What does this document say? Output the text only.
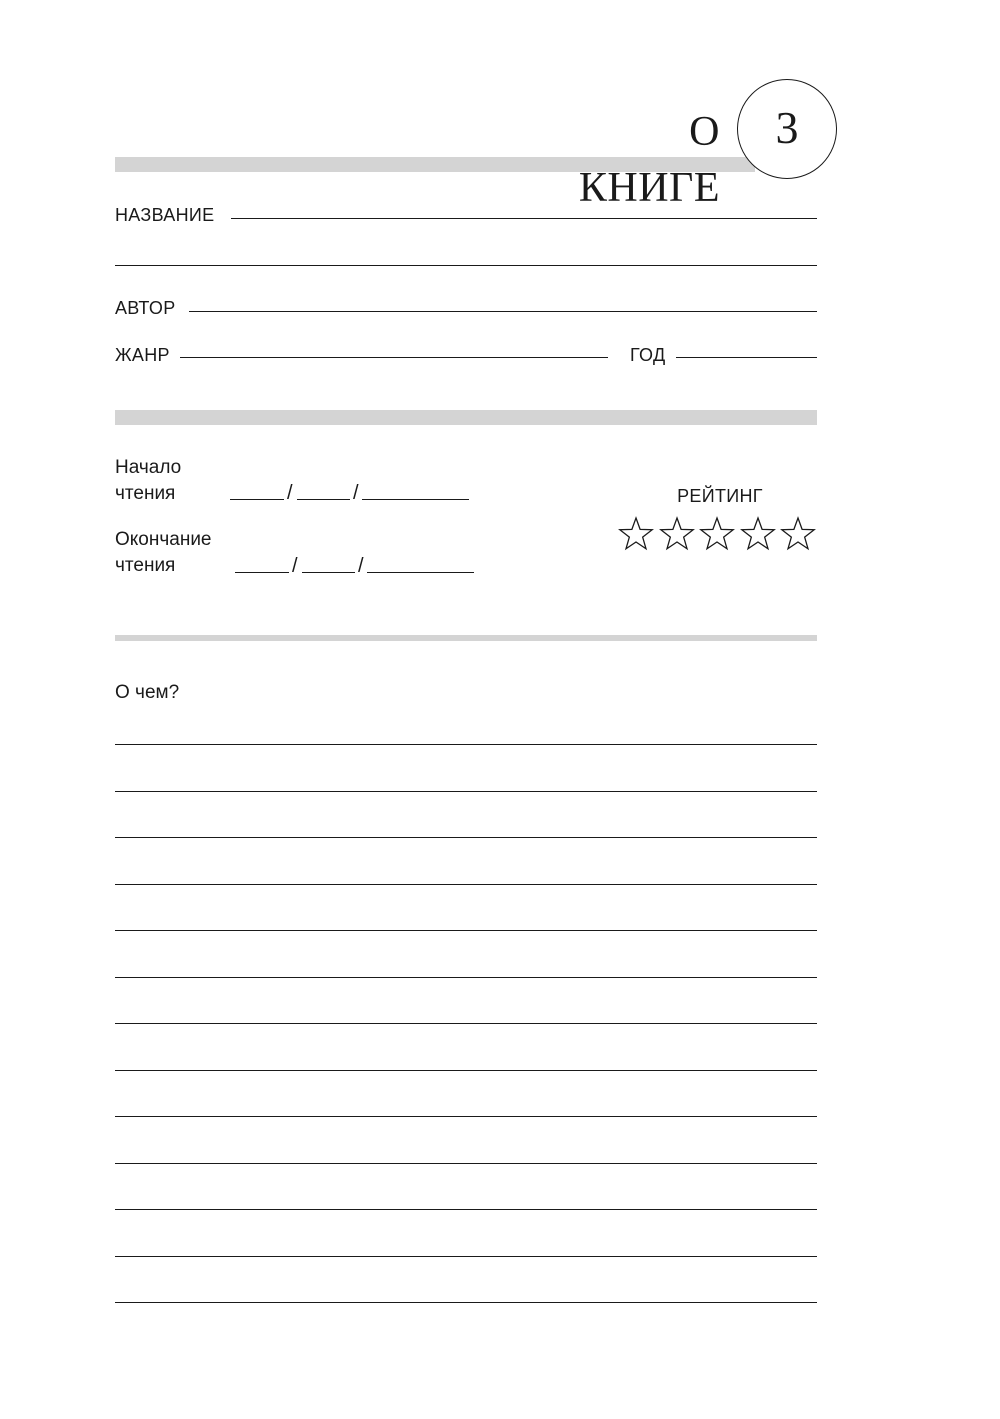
О КНИГЕ
3
НАЗВАНИЕ
АВТОР
ЖАНР	ГОД
Начало
чтения	/	/
Окончание
чтения	/	/
РЕЙТИНГ
О чем?
